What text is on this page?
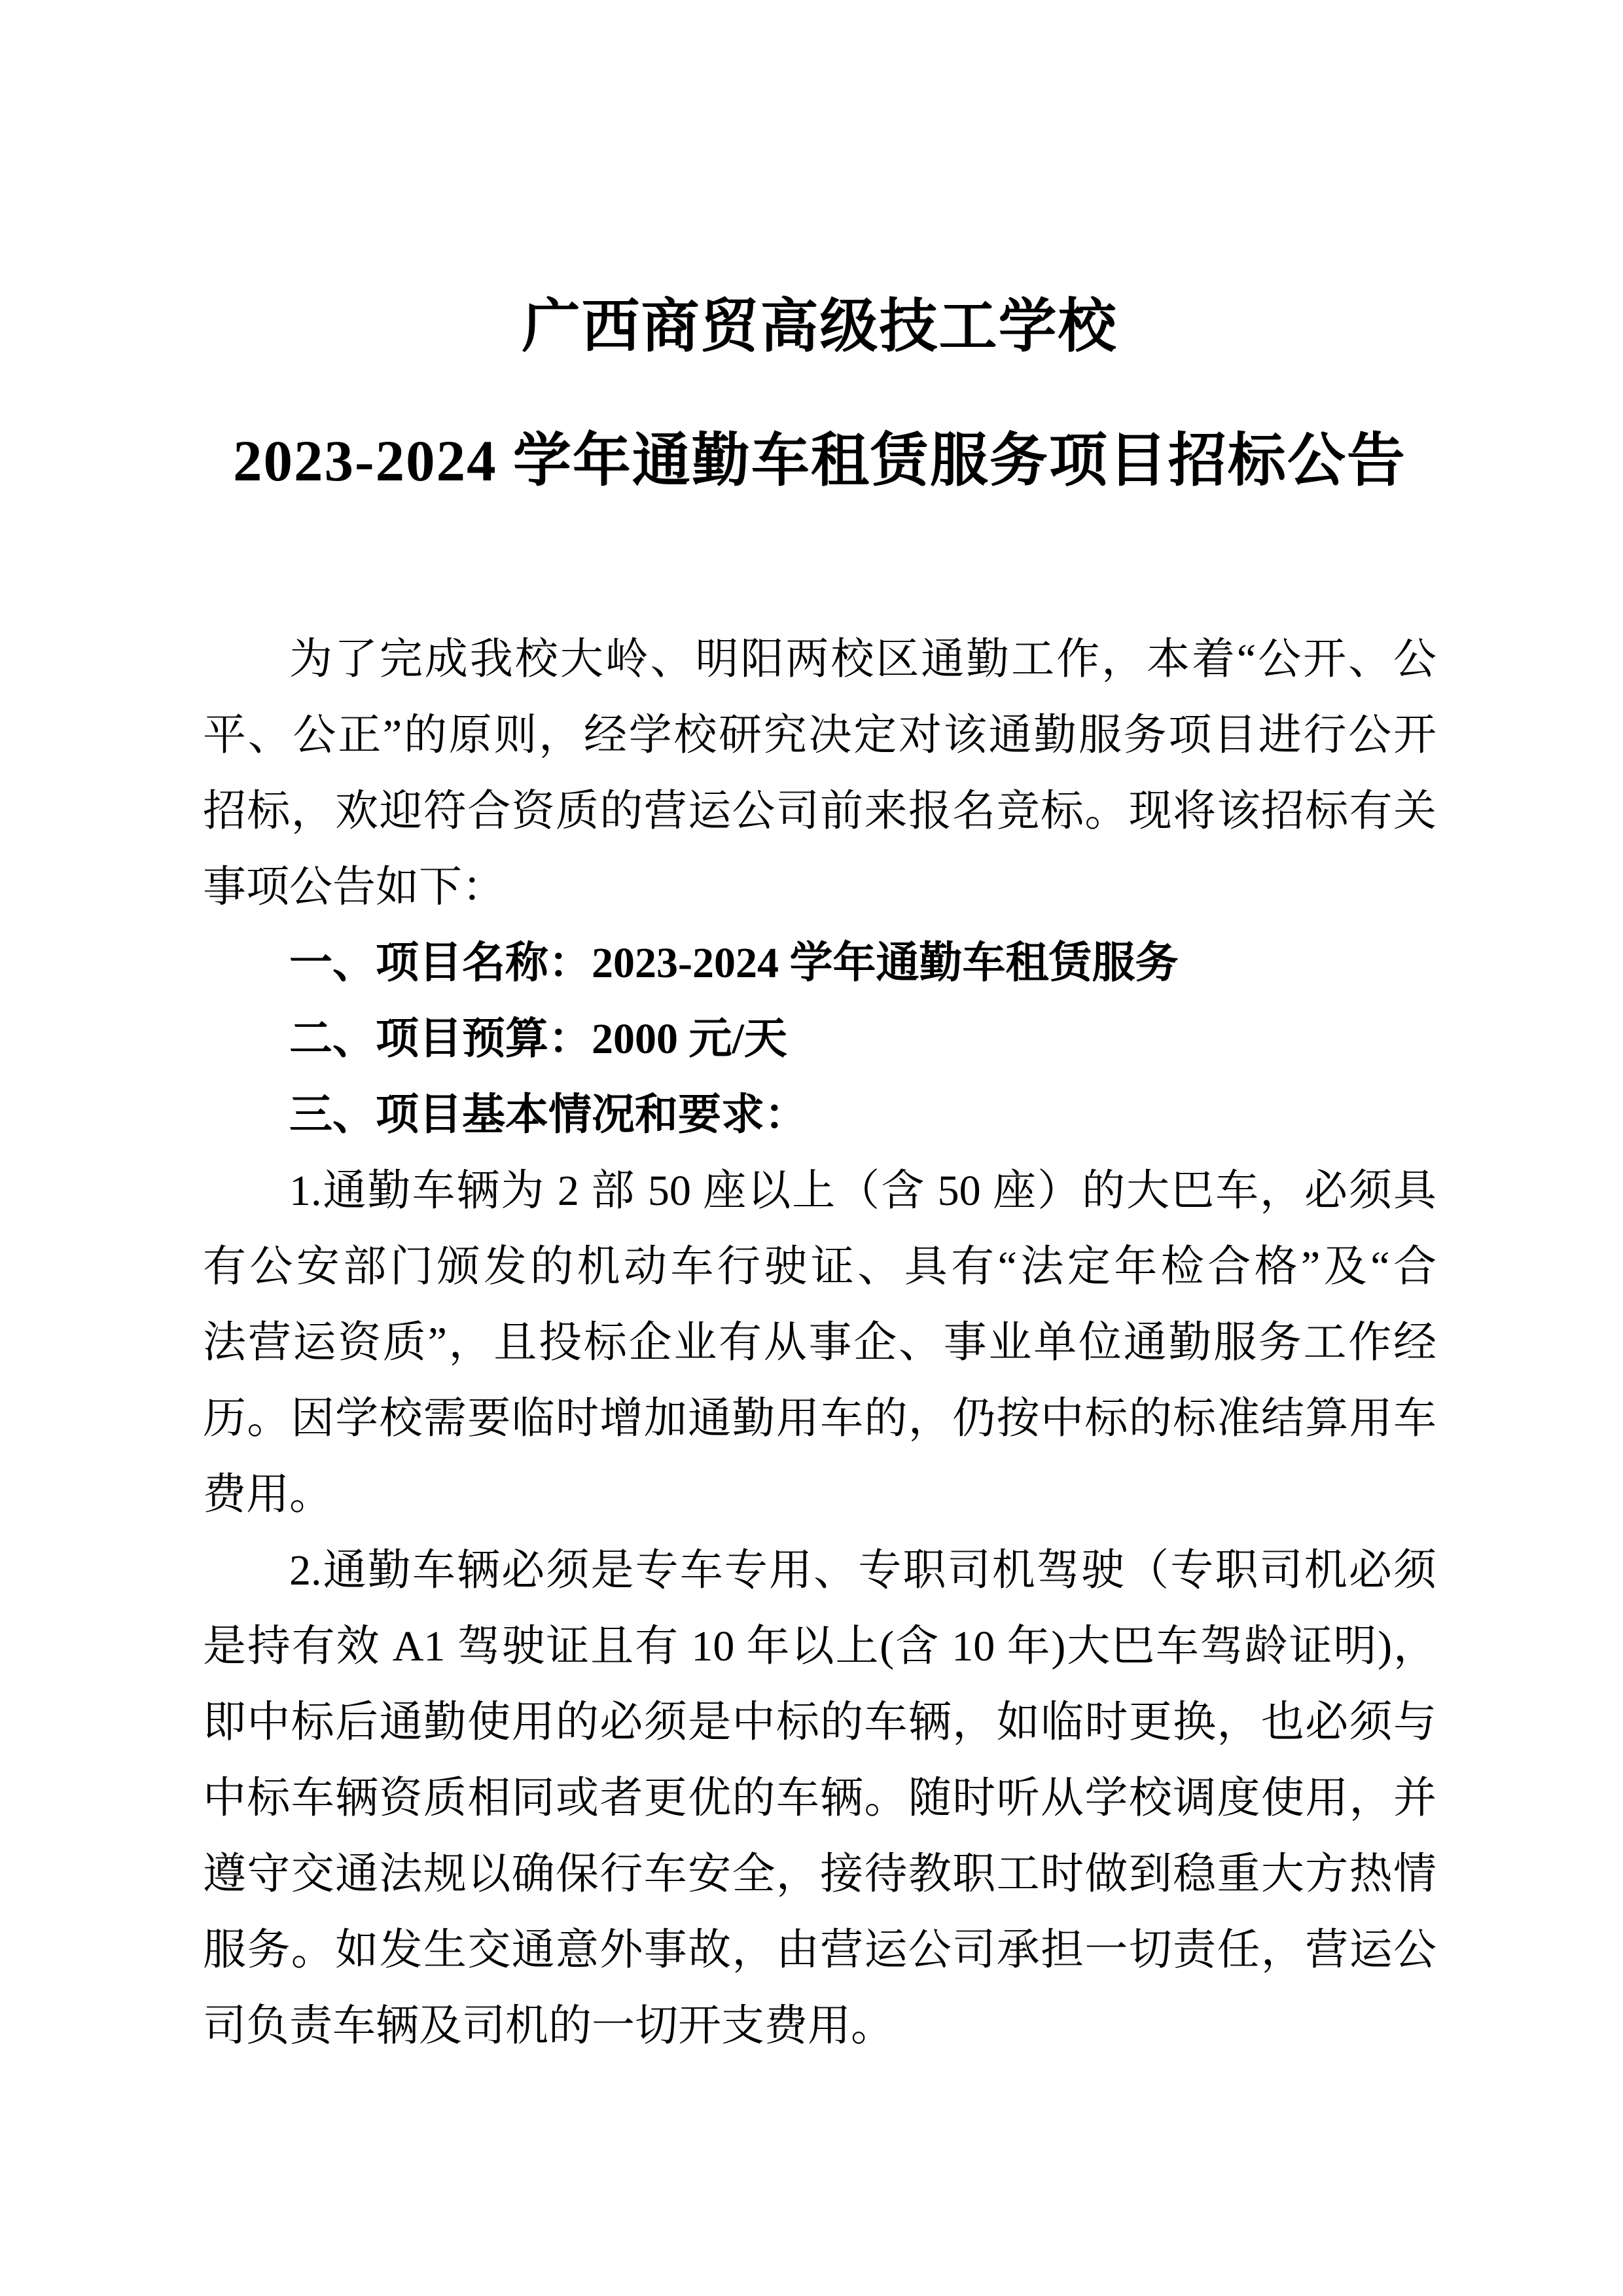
广西商贸高级技工学校
2023-2024 学年通勤车租赁服务项目招标公告
为了完成我校大岭、明阳两校区通勤工作，本着“公开、公
平、公正”的原则，经学校研究决定对该通勤服务项目进行公开
招标，欢迎符合资质的营运公司前来报名竞标。现将该招标有关
事项公告如下：
一、项目名称：2023-2024 学年通勤车租赁服务
二、项目预算：2000 元/天
三、项目基本情况和要求：
1.通勤车辆为 2 部 50 座以上（含 50 座）的大巴车，必须具
有公安部门颁发的机动车行驶证、具有“法定年检合格”及“合
法营运资质”，且投标企业有从事企、事业单位通勤服务工作经
历。因学校需要临时增加通勤用车的，仍按中标的标准结算用车
费用。
2.通勤车辆必须是专车专用、专职司机驾驶（专职司机必须
是持有效 A1 驾驶证且有 10 年以上(含 10 年)大巴车驾龄证明)，
即中标后通勤使用的必须是中标的车辆，如临时更换，也必须与
中标车辆资质相同或者更优的车辆。随时听从学校调度使用，并
遵守交通法规以确保行车安全，接待教职工时做到稳重大方热情
服务。如发生交通意外事故，由营运公司承担一切责任，营运公
司负责车辆及司机的一切开支费用。
